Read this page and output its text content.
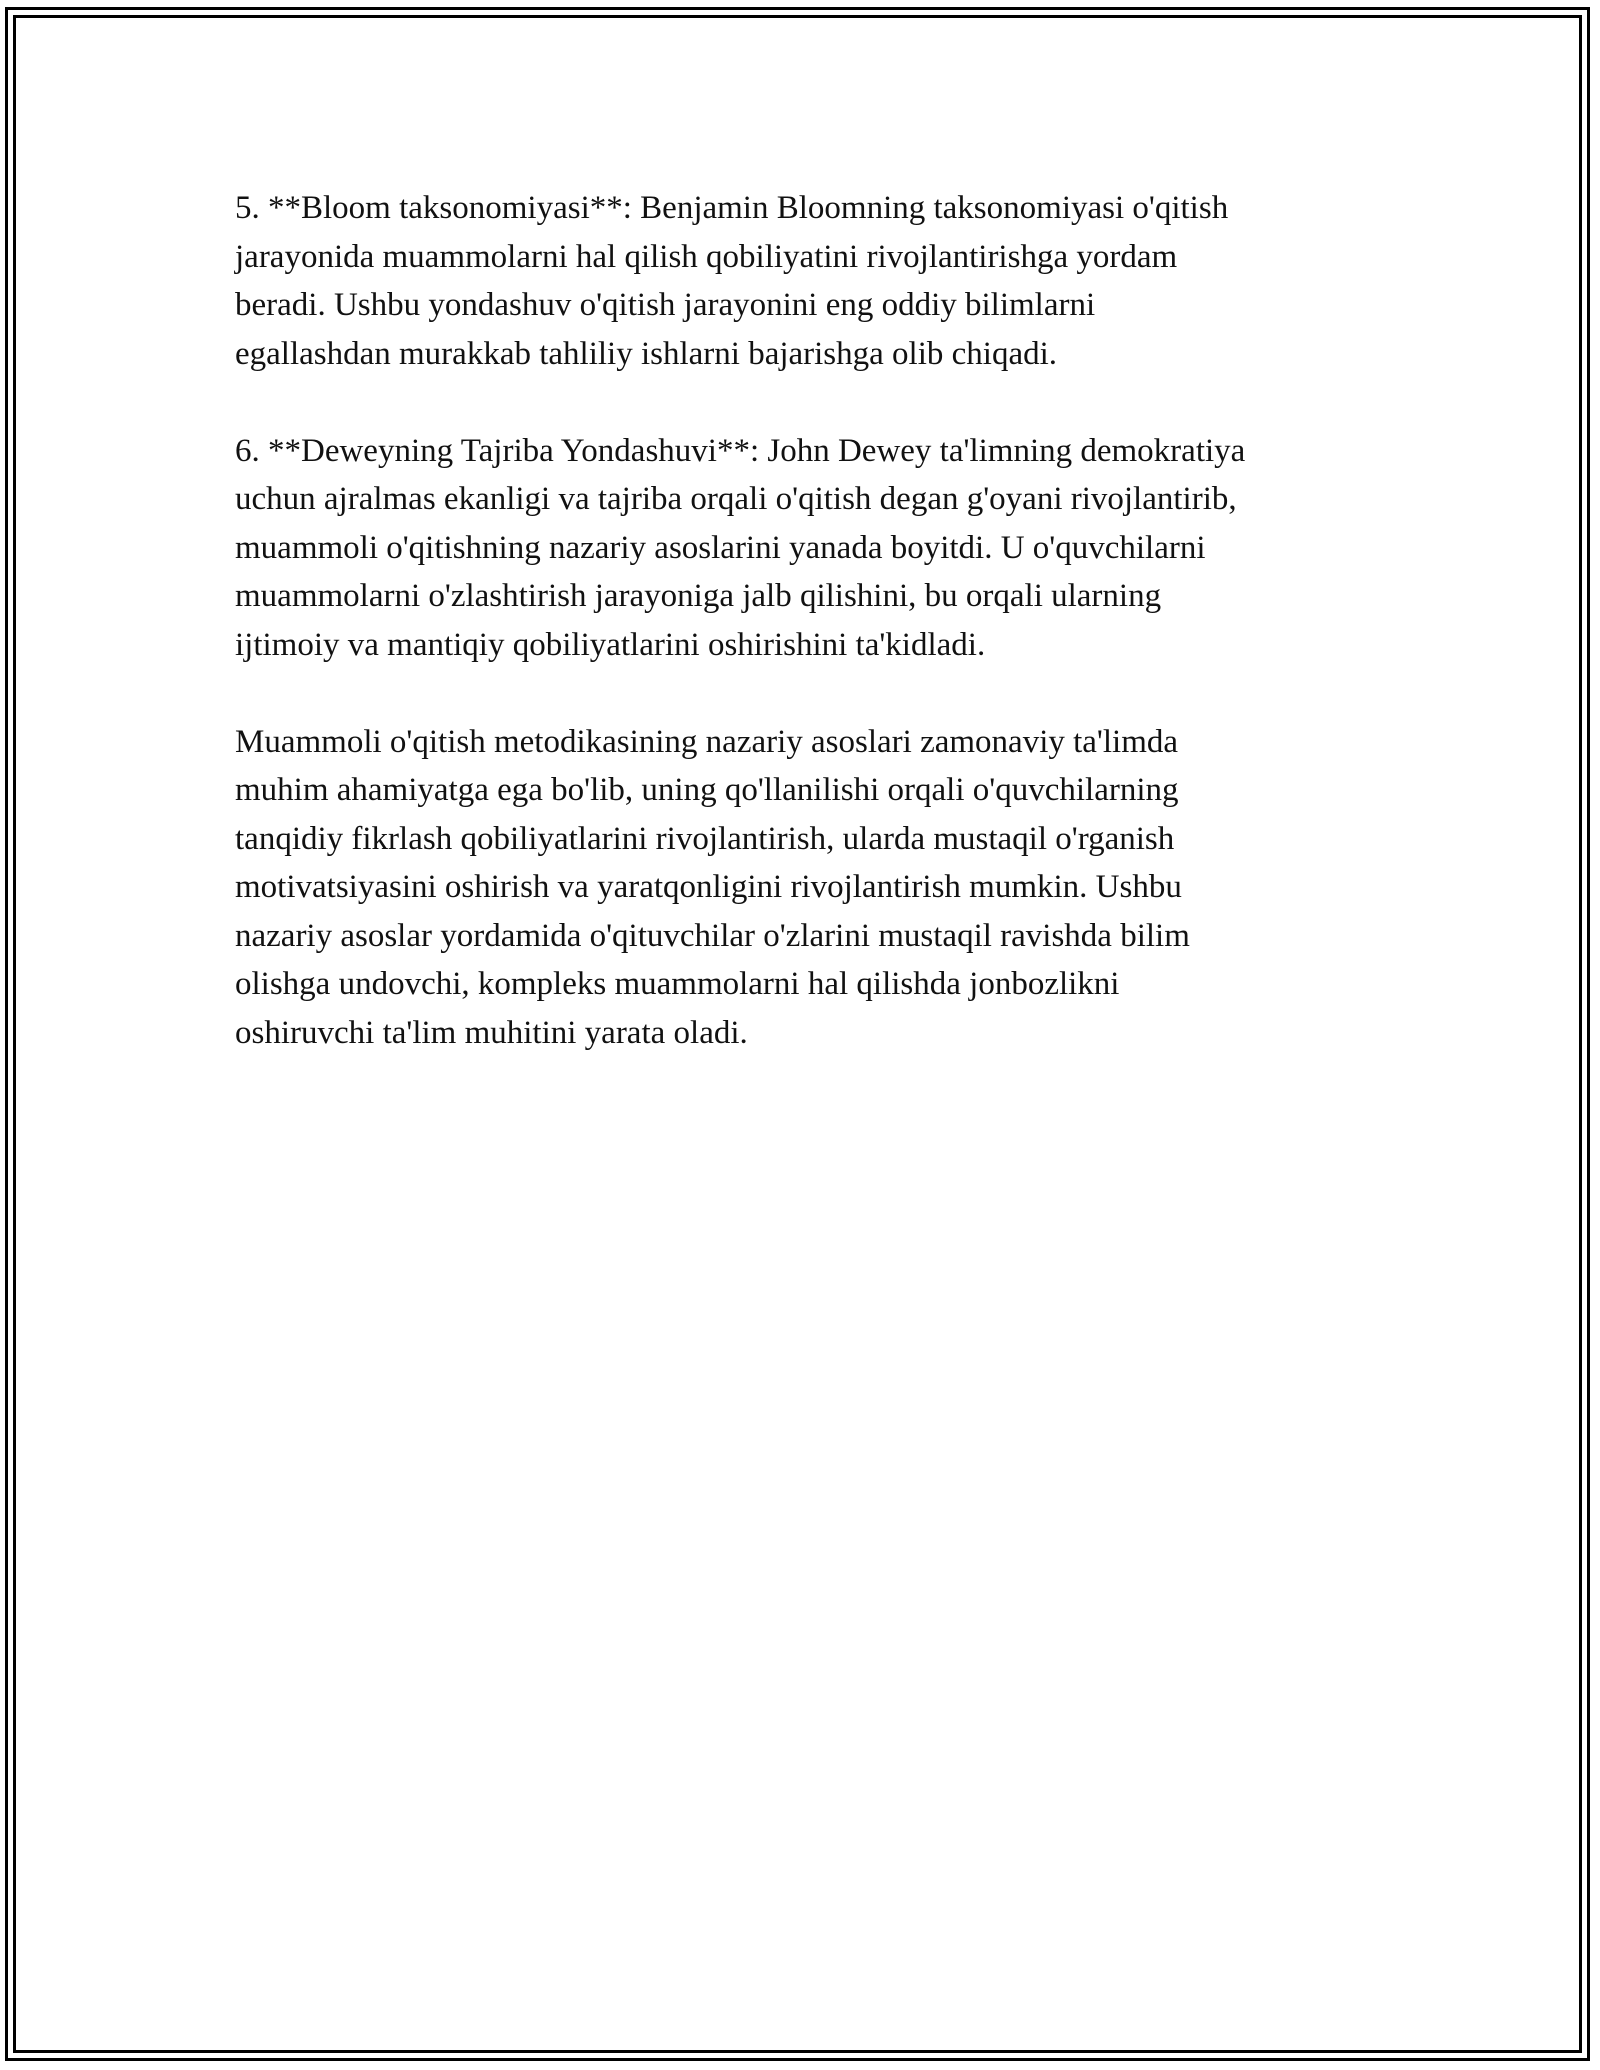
5. **Bloom taksonomiyasi**: Benjamin Bloomning taksonomiyasi o'qitish
jarayonida muammolarni hal qilish qobiliyatini rivojlantirishga yordam
beradi. Ushbu yondashuv o'qitish jarayonini eng oddiy bilimlarni
egallashdan murakkab tahliliy ishlarni bajarishga olib chiqadi.

6. **Deweyning Tajriba Yondashuvi**: John Dewey ta'limning demokratiya
uchun ajralmas ekanligi va tajriba orqali o'qitish degan g'oyani rivojlantirib,
muammoli o'qitishning nazariy asoslarini yanada boyitdi. U o'quvchilarni
muammolarni o'zlashtirish jarayoniga jalb qilishini, bu orqali ularning
ijtimoiy va mantiqiy qobiliyatlarini oshirishini ta'kidladi.

Muammoli o'qitish metodikasining nazariy asoslari zamonaviy ta'limda
muhim ahamiyatga ega bo'lib, uning qo'llanilishi orqali o'quvchilarning
tanqidiy fikrlash qobiliyatlarini rivojlantirish, ularda mustaqil o'rganish
motivatsiyasini oshirish va yaratqonligini rivojlantirish mumkin. Ushbu
nazariy asoslar yordamida o'qituvchilar o'zlarini mustaqil ravishda bilim
olishga undovchi, kompleks muammolarni hal qilishda jonbozlikni
oshiruvchi ta'lim muhitini yarata oladi.
